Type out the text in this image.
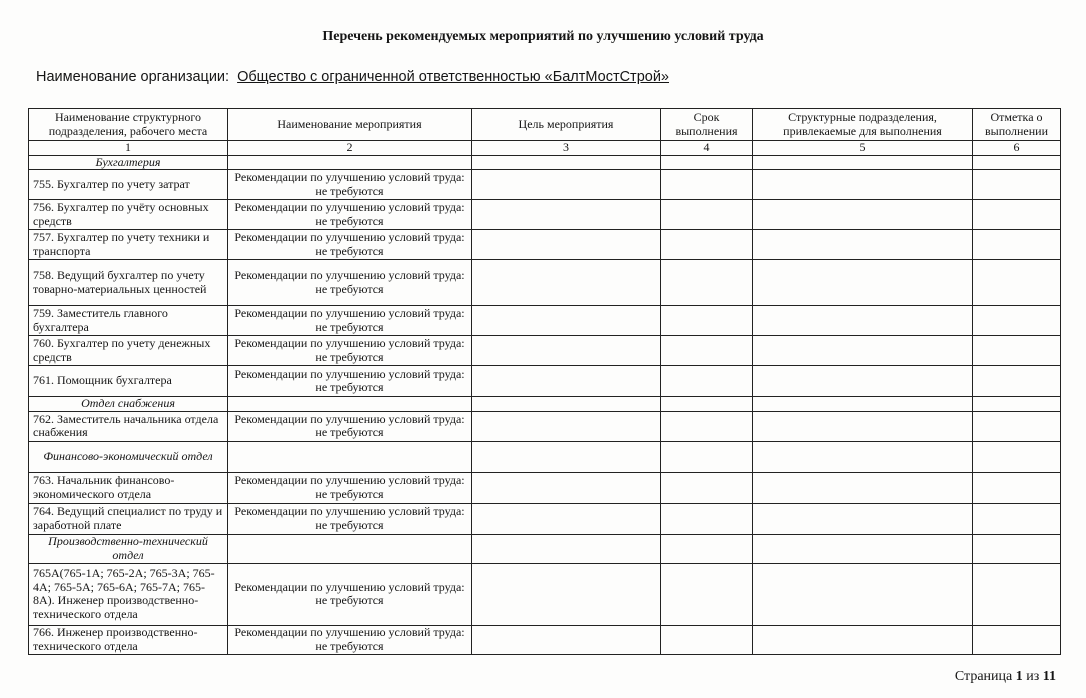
Перечень рекомендуемых мероприятий по улучшению условий труда
Наименование организации: Общество с ограниченной ответственностью «БалтМостСтрой»
Наименование структурного подразделения, рабочего места	Наименование мероприятия	Цель мероприятия	Срок выполнения	Структурные подразделения, привлекаемые для выполнения	Отметка о выполнении
1	2	3	4	5	6
Бухгалтерия					
755. Бухгалтер по учету затрат	Рекомендации по улучшению условий труда: не требуются				
756. Бухгалтер по учёту основных средств	Рекомендации по улучшению условий труда: не требуются				
757. Бухгалтер по учету техники и транспорта	Рекомендации по улучшению условий труда: не требуются				
758. Ведущий бухгалтер по учету товарно-материальных ценностей	Рекомендации по улучшению условий труда: не требуются				
759. Заместитель главного бухгалтера	Рекомендации по улучшению условий труда: не требуются				
760. Бухгалтер по учету денежных средств	Рекомендации по улучшению условий труда: не требуются				
761. Помощник бухгалтера	Рекомендации по улучшению условий труда: не требуются				
Отдел снабжения					
762. Заместитель начальника отдела снабжения	Рекомендации по улучшению условий труда: не требуются				
Финансово-экономический отдел					
763. Начальник финансово-экономического отдела	Рекомендации по улучшению условий труда: не требуются				
764. Ведущий специалист по труду и заработной плате	Рекомендации по улучшению условий труда: не требуются				
Производственно-технический отдел					
765А(765-1А; 765-2А; 765-3А; 765-4А; 765-5А; 765-6А; 765-7А; 765-8А). Инженер производственно-технического отдела	Рекомендации по улучшению условий труда: не требуются				
766. Инженер производственно-технического отдела	Рекомендации по улучшению условий труда: не требуются				
Страница 1 из 11
